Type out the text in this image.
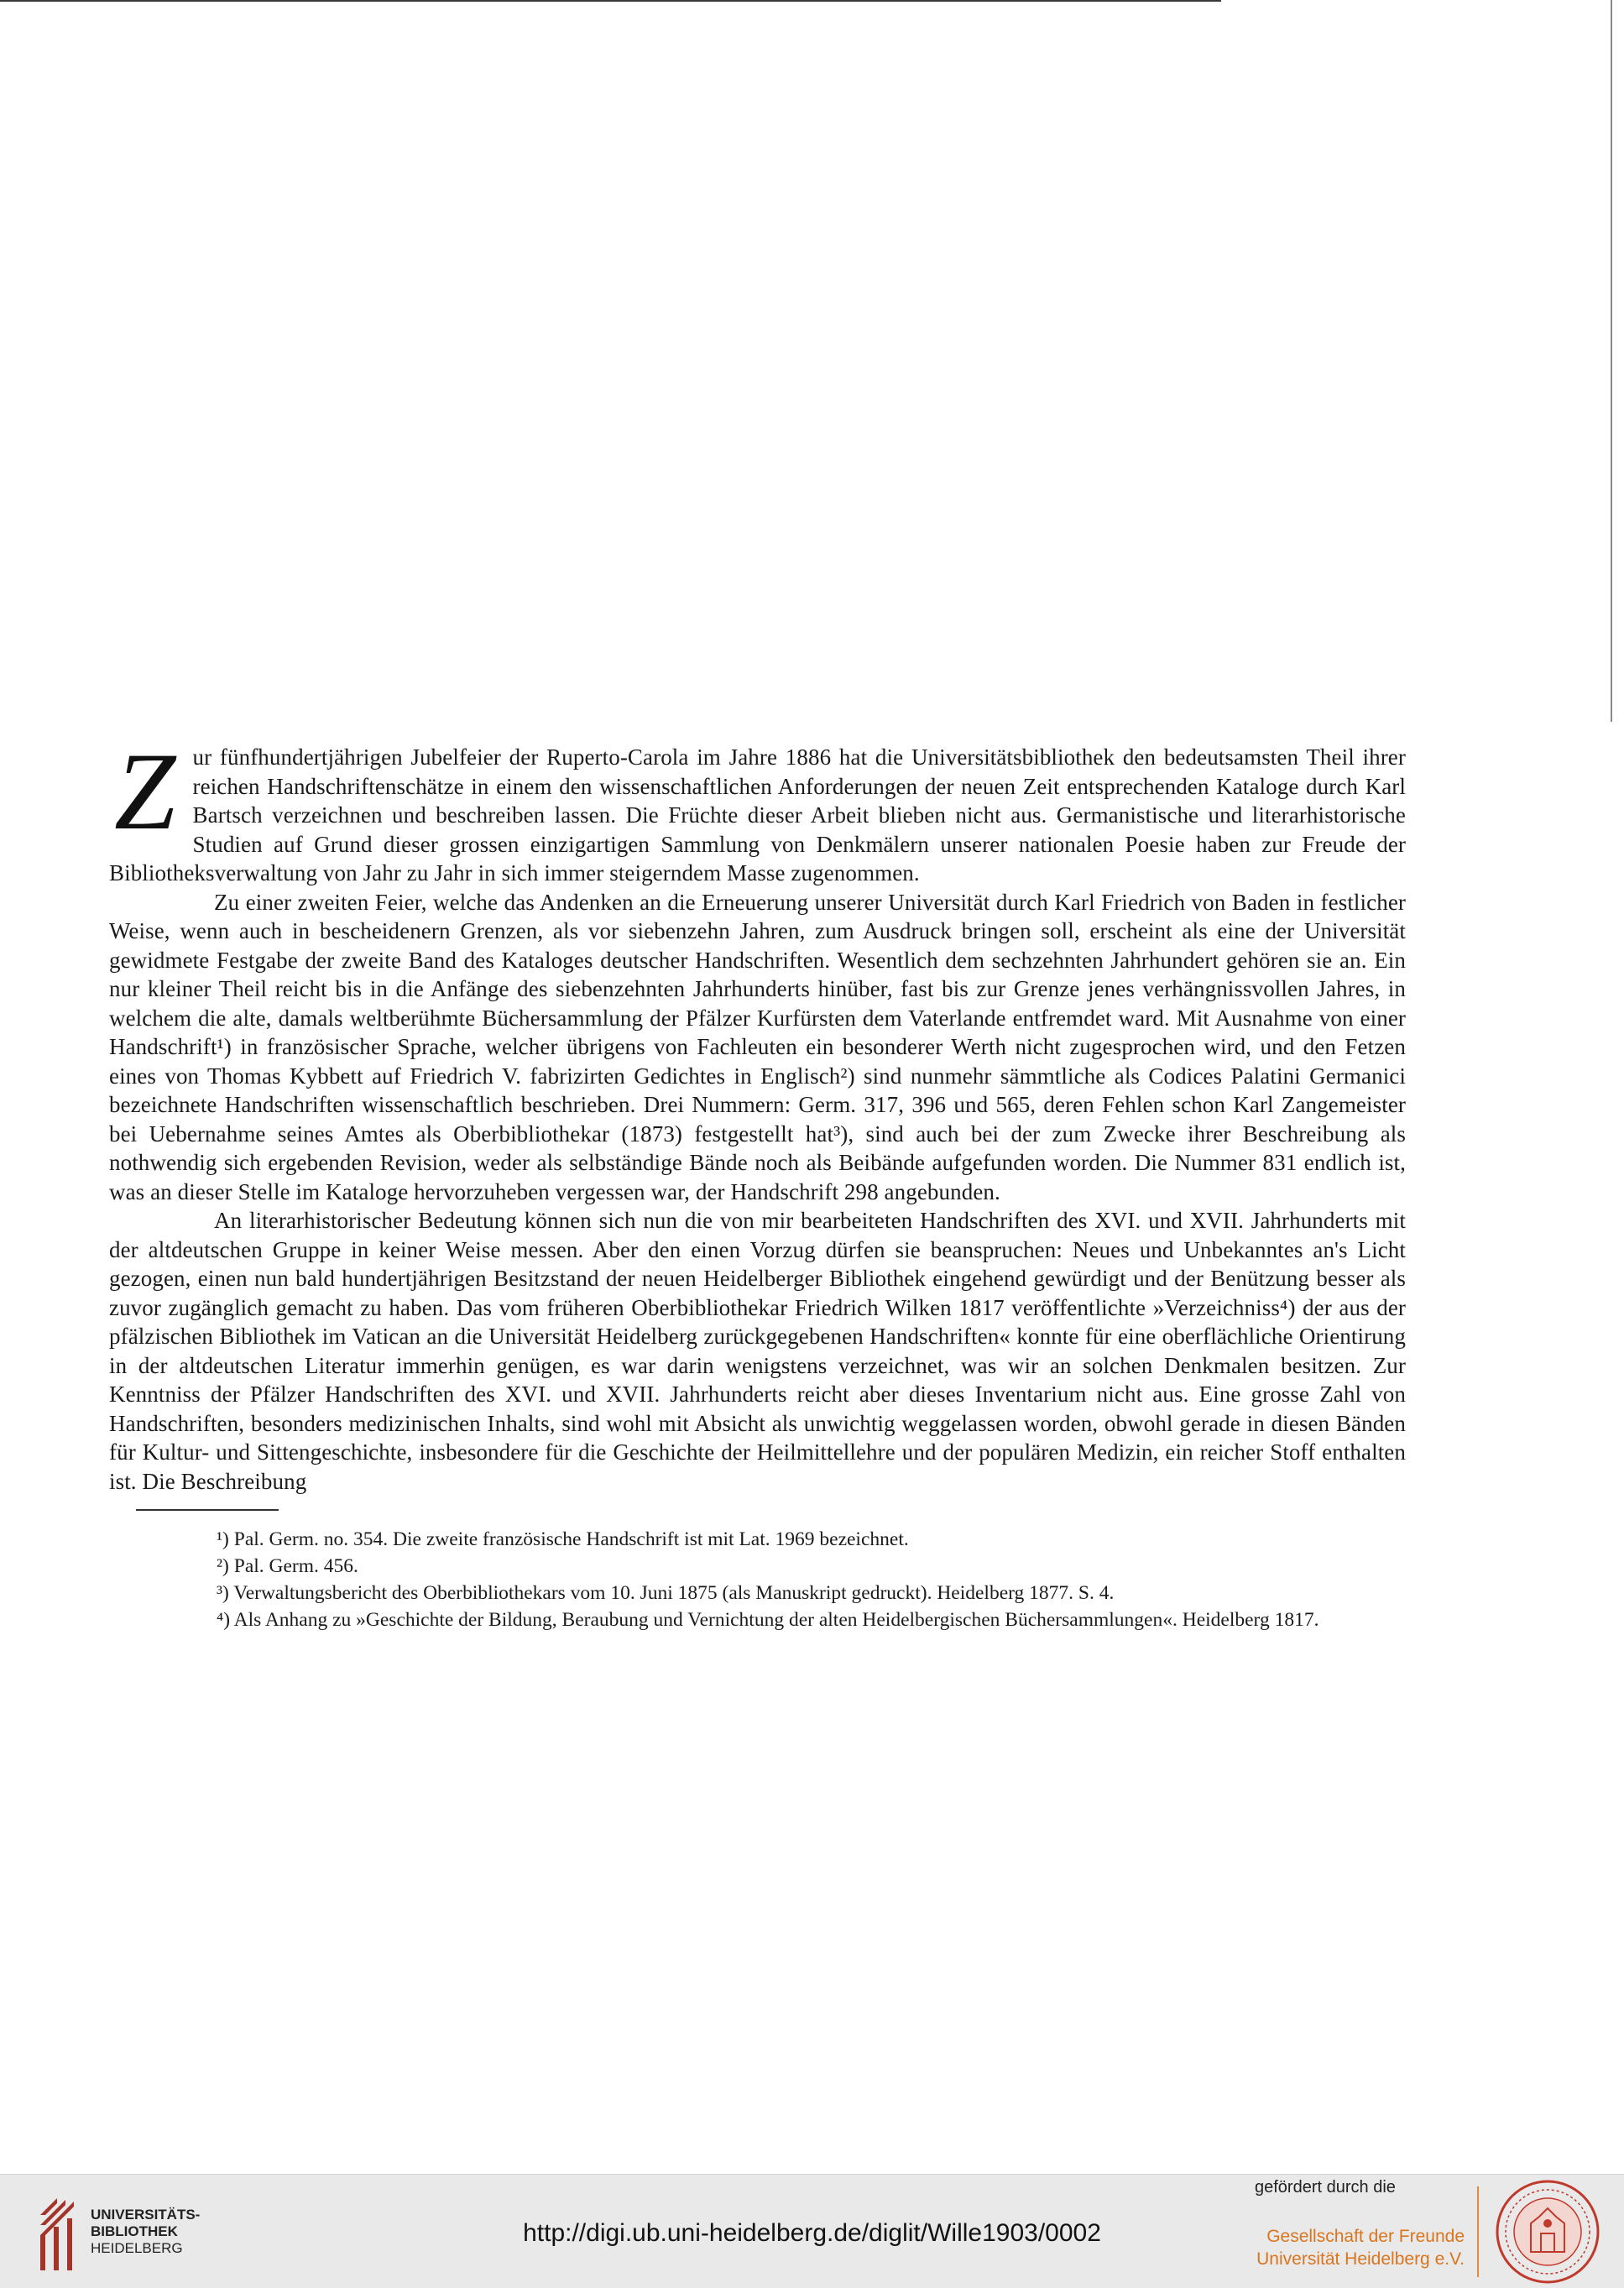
Zur fünfhundertjährigen Jubelfeier der Ruperto-Carola im Jahre 1886 hat die Universitätsbibliothek den bedeutsamsten Theil ihrer reichen Handschriftenschätze in einem den wissenschaftlichen Anforderungen der neuen Zeit entsprechenden Kataloge durch Karl Bartsch verzeichnen und beschreiben lassen. Die Früchte dieser Arbeit blieben nicht aus. Germanistische und literarhistorische Studien auf Grund dieser grossen einzigartigen Sammlung von Denkmälern unserer nationalen Poesie haben zur Freude der Bibliotheksverwaltung von Jahr zu Jahr in sich immer steigerndem Masse zugenommen.

Zu einer zweiten Feier, welche das Andenken an die Erneuerung unserer Universität durch Karl Friedrich von Baden in festlicher Weise, wenn auch in bescheidenern Grenzen, als vor siebenzehn Jahren, zum Ausdruck bringen soll, erscheint als eine der Universität gewidmete Festgabe der zweite Band des Kataloges deutscher Handschriften. Wesentlich dem sechzehnten Jahrhundert gehören sie an. Ein nur kleiner Theil reicht bis in die Anfänge des siebenzehnten Jahrhunderts hinüber, fast bis zur Grenze jenes verhängnissvollen Jahres, in welchem die alte, damals weltberühmte Büchersammlung der Pfälzer Kurfürsten dem Vaterlande entfremdet ward. Mit Ausnahme von einer Handschrift¹) in französischer Sprache, welcher übrigens von Fachleuten ein besonderer Werth nicht zugesprochen wird, und den Fetzen eines von Thomas Kybbett auf Friedrich V. fabrizirten Gedichtes in Englisch²) sind nunmehr sämmtliche als Codices Palatini Germanici bezeichnete Handschriften wissenschaftlich beschrieben. Drei Nummern: Germ. 317, 396 und 565, deren Fehlen schon Karl Zangemeister bei Uebernahme seines Amtes als Oberbibliothekar (1873) festgestellt hat³), sind auch bei der zum Zwecke ihrer Beschreibung als nothwendig sich ergebenden Revision, weder als selbständige Bände noch als Beibände aufgefunden worden. Die Nummer 831 endlich ist, was an dieser Stelle im Kataloge hervorzuheben vergessen war, der Handschrift 298 angebunden.

An literarhistorischer Bedeutung können sich nun die von mir bearbeiteten Handschriften des XVI. und XVII. Jahrhunderts mit der altdeutschen Gruppe in keiner Weise messen. Aber den einen Vorzug dürfen sie beanspruchen: Neues und Unbekanntes an's Licht gezogen, einen nun bald hundertjährigen Besitzstand der neuen Heidelberger Bibliothek eingehend gewürdigt und der Benützung besser als zuvor zugänglich gemacht zu haben. Das vom früheren Oberbibliothekar Friedrich Wilken 1817 veröffentlichte »Verzeichniss⁴) der aus der pfälzischen Bibliothek im Vatican an die Universität Heidelberg zurückgegebenen Handschriften« konnte für eine oberflächliche Orientirung in der altdeutschen Literatur immerhin genügen, es war darin wenigstens verzeichnet, was wir an solchen Denkmalen besitzen. Zur Kenntniss der Pfälzer Handschriften des XVI. und XVII. Jahrhunderts reicht aber dieses Inventarium nicht aus. Eine grosse Zahl von Handschriften, besonders medizinischen Inhalts, sind wohl mit Absicht als unwichtig weggelassen worden, obwohl gerade in diesen Bänden für Kultur- und Sittengeschichte, insbesondere für die Geschichte der Heilmittellehre und der populären Medizin, ein reicher Stoff enthalten ist. Die Beschreibung

¹) Pal. Germ. no. 354. Die zweite französische Handschrift ist mit Lat. 1969 bezeichnet.

²) Pal. Germ. 456.

³) Verwaltungsbericht des Oberbibliothekars vom 10. Juni 1875 (als Manuskript gedruckt). Heidelberg 1877. S. 4.

⁴) Als Anhang zu »Geschichte der Bildung, Beraubung und Vernichtung der alten Heidelbergischen Büchersammlungen«. Heidelberg 1817.

UNIVERSITÄTS-
BIBLIOTHEK
HEIDELBERG
http://digi.ub.uni-heidelberg.de/diglit/Wille1903/0002
gefördert durch die
Gesellschaft der Freunde
Universität Heidelberg e.V.
